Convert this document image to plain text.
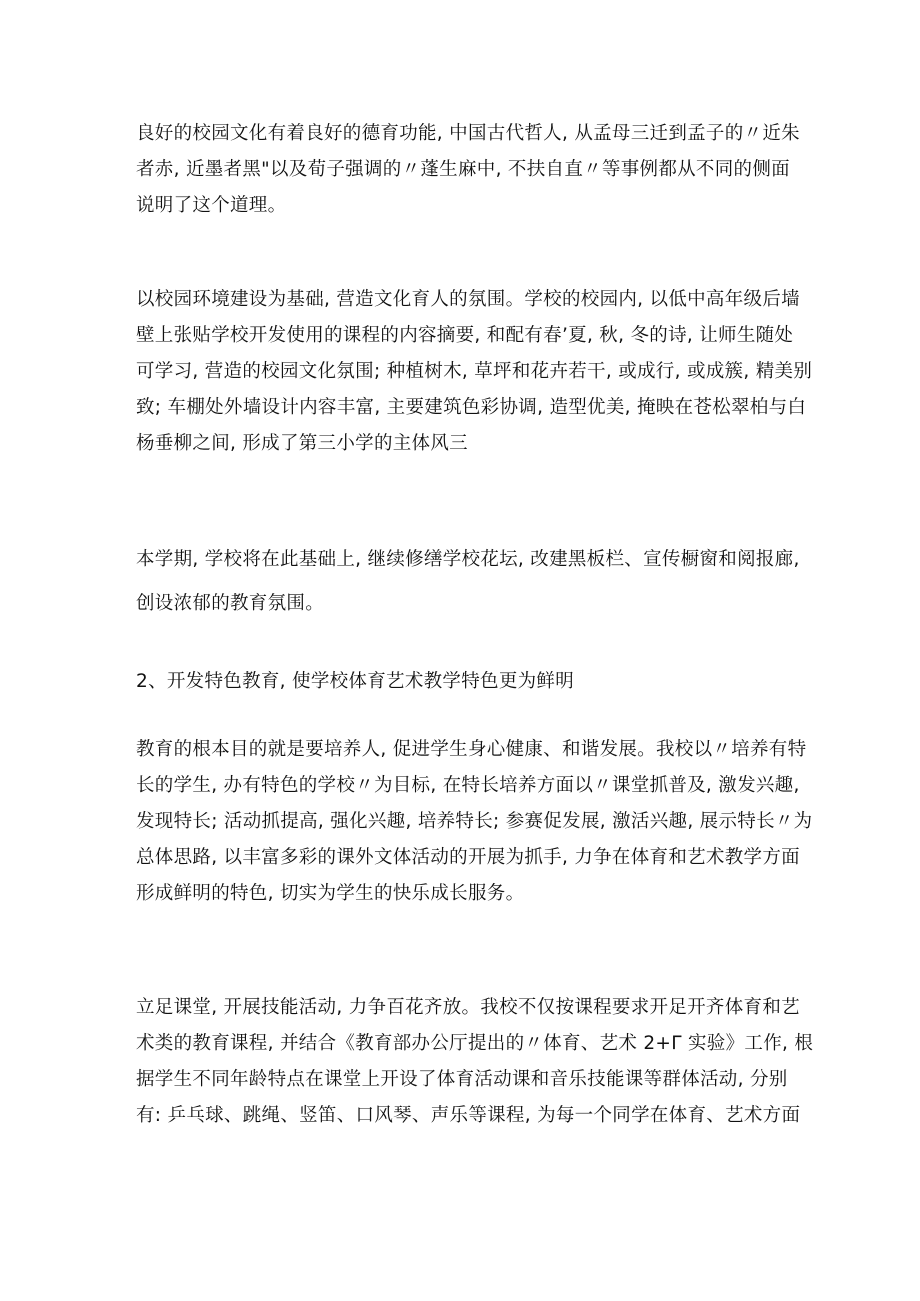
良好的校园文化有着良好的德育功能, 中国古代哲人, 从孟母三迁到孟子的〃近朱
者赤, 近墨者黑"以及荀子强调的〃蓬生麻中, 不扶自直〃等事例都从不同的侧面
说明了这个道理。

以校园环境建设为基础, 营造文化育人的氛围。学校的校园内, 以低中高年级后墙
壁上张贴学校开发使用的课程的内容摘要, 和配有春’夏, 秋, 冬的诗, 让师生随处
可学习, 营造的校园文化氛围; 种植树木, 草坪和花卉若干, 或成行, 或成簇, 精美别
致; 车棚处外墙设计内容丰富, 主要建筑色彩协调, 造型优美, 掩映在苍松翠柏与白
杨垂柳之间, 形成了第三小学的主体风三

本学期, 学校将在此基础上, 继续修缮学校花坛, 改建黑板栏、宣传橱窗和阅报廊,
创设浓郁的教育氛围。

2、开发特色教育, 使学校体育艺术教学特色更为鲜明

教育的根本目的就是要培养人, 促进学生身心健康、和谐发展。我校以〃培养有特
长的学生, 办有特色的学校〃为目标, 在特长培养方面以〃课堂抓普及, 激发兴趣,
发现特长; 活动抓提高, 强化兴趣, 培养特长; 参赛促发展, 激活兴趣, 展示特长〃为
总体思路, 以丰富多彩的课外文体活动的开展为抓手, 力争在体育和艺术教学方面
形成鲜明的特色, 切实为学生的快乐成长服务。

立足课堂, 开展技能活动, 力争百花齐放。我校不仅按课程要求开足开齐体育和艺
术类的教育课程, 并结合《教育部办公厅提出的〃体育、艺术 2+Γ 实验》工作, 根
据学生不同年龄特点在课堂上开设了体育活动课和音乐技能课等群体活动, 分别
有: 乒乓球、跳绳、竖笛、口风琴、声乐等课程, 为每一个同学在体育、艺术方面
